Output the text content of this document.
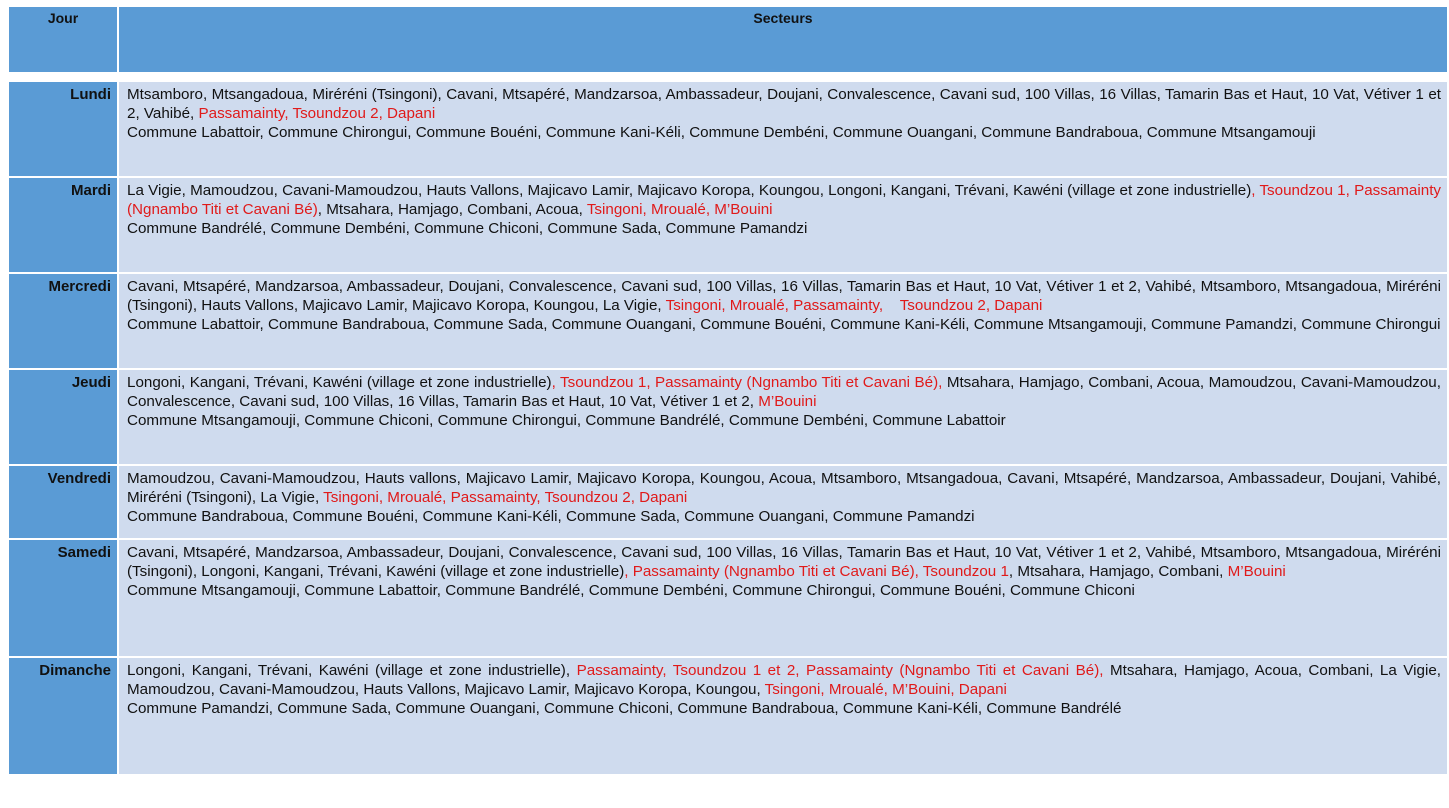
Jour	Secteurs

Lundi	Mtsamboro, Mtsangadoua, Miréréni (Tsingoni), Cavani, Mtsapéré, Mandzarsoa, Ambassadeur, Doujani, Convalescence, Cavani sud, 100 Villas, 16 Villas, Tamarin Bas et Haut, 10 Vat, Vétiver 1 et 2, Vahibé, Passamainty, Tsoundzou 2, Dapani

Commune Labattoir, Commune Chirongui, Commune Bouéni, Commune Kani-Kéli, Commune Dembéni, Commune Ouangani, Commune Bandraboua, Commune Mtsangamouji

Mardi	La Vigie, Mamoudzou, Cavani-Mamoudzou, Hauts Vallons, Majicavo Lamir, Majicavo Koropa, Koungou, Longoni, Kangani, Trévani, Kawéni (village et zone industrielle), Tsoundzou 1, Passamainty (Ngnambo Titi et Cavani Bé), Mtsahara, Hamjago, Combani, Acoua, Tsingoni, Mroualé, M’Bouini

Commune Bandrélé, Commune Dembéni, Commune Chiconi, Commune Sada, Commune Pamandzi

Mercredi	Cavani, Mtsapéré, Mandzarsoa, Ambassadeur, Doujani, Convalescence, Cavani sud, 100 Villas, 16 Villas, Tamarin Bas et Haut, 10 Vat, Vétiver 1 et 2, Vahibé, Mtsamboro, Mtsangadoua, Miréréni (Tsingoni), Hauts Vallons, Majicavo Lamir, Majicavo Koropa, Koungou, La Vigie, Tsingoni, Mroualé, Passamainty,    Tsoundzou 2, Dapani

Commune Labattoir, Commune Bandraboua, Commune Sada, Commune Ouangani, Commune Bouéni, Commune Kani-Kéli, Commune Mtsangamouji, Commune Pamandzi, Commune Chirongui

Jeudi	Longoni, Kangani, Trévani, Kawéni (village et zone industrielle), Tsoundzou 1, Passamainty (Ngnambo Titi et Cavani Bé), Mtsahara, Hamjago, Combani, Acoua, Mamoudzou, Cavani-Mamoudzou, Convalescence, Cavani sud, 100 Villas, 16 Villas, Tamarin Bas et Haut, 10 Vat, Vétiver 1 et 2, M’Bouini

Commune Mtsangamouji, Commune Chiconi, Commune Chirongui, Commune Bandrélé, Commune Dembéni, Commune Labattoir

Vendredi	Mamoudzou, Cavani-Mamoudzou, Hauts vallons, Majicavo Lamir, Majicavo Koropa, Koungou, Acoua, Mtsamboro, Mtsangadoua, Cavani, Mtsapéré, Mandzarsoa, Ambassadeur, Doujani, Vahibé, Miréréni (Tsingoni), La Vigie, Tsingoni, Mroualé, Passamainty, Tsoundzou 2, Dapani

Commune Bandraboua, Commune Bouéni, Commune Kani-Kéli, Commune Sada, Commune Ouangani, Commune Pamandzi

Samedi	Cavani, Mtsapéré, Mandzarsoa, Ambassadeur, Doujani, Convalescence, Cavani sud, 100 Villas, 16 Villas, Tamarin Bas et Haut, 10 Vat, Vétiver 1 et 2, Vahibé, Mtsamboro, Mtsangadoua, Miréréni (Tsingoni), Longoni, Kangani, Trévani, Kawéni (village et zone industrielle), Passamainty (Ngnambo Titi et Cavani Bé), Tsoundzou 1, Mtsahara, Hamjago, Combani, M’Bouini

Commune Mtsangamouji, Commune Labattoir, Commune Bandrélé, Commune Dembéni, Commune Chirongui, Commune Bouéni, Commune Chiconi

Dimanche	Longoni, Kangani, Trévani, Kawéni (village et zone industrielle), Passamainty, Tsoundzou 1 et 2, Passamainty (Ngnambo Titi et Cavani Bé), Mtsahara, Hamjago, Acoua, Combani, La Vigie, Mamoudzou, Cavani-Mamoudzou, Hauts Vallons, Majicavo Lamir, Majicavo Koropa, Koungou, Tsingoni, Mroualé, M’Bouini, Dapani

Commune Pamandzi, Commune Sada, Commune Ouangani, Commune Chiconi, Commune Bandraboua, Commune Kani-Kéli, Commune Bandrélé
